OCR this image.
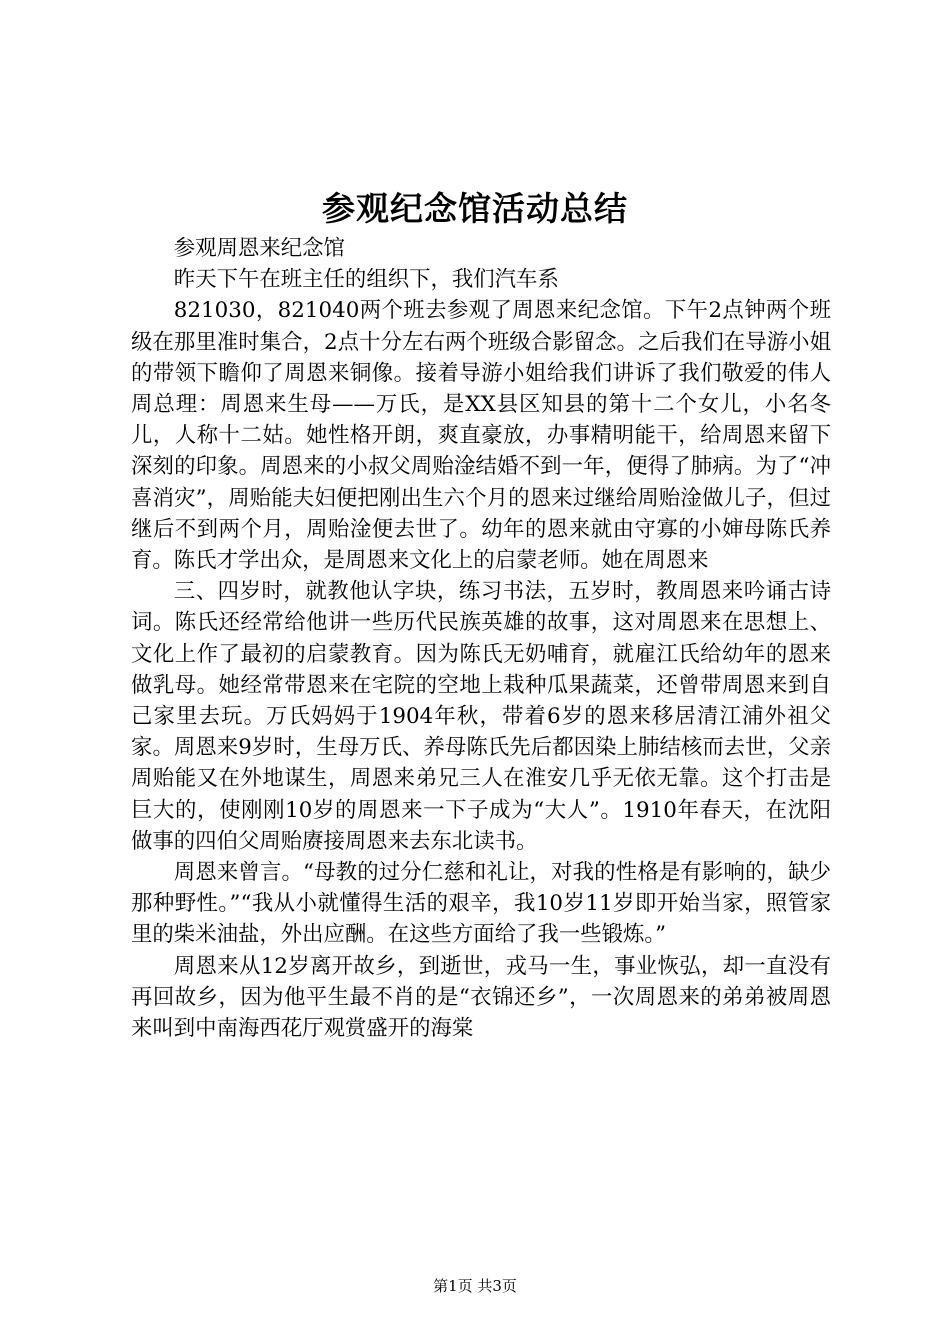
参观纪念馆活动总结

参观周恩来纪念馆

昨天下午在班主任的组织下，我们汽车系

821030，821040两个班去参观了周恩来纪念馆。下午2点钟两个班级在那里准时集合，2点十分左右两个班级合影留念。之后我们在导游小姐的带领下瞻仰了周恩来铜像。接着导游小姐给我们讲诉了我们敬爱的伟人周总理：周恩来生母——万氏，是XX县区知县的第十二个女儿，小名冬儿，人称十二姑。她性格开朗，爽直豪放，办事精明能干，给周恩来留下深刻的印象。周恩来的小叔父周贻淦结婚不到一年，便得了肺病。为了“冲喜消灾”，周贻能夫妇便把刚出生六个月的恩来过继给周贻淦做儿子，但过继后不到两个月，周贻淦便去世了。幼年的恩来就由守寡的小婶母陈氏养育。陈氏才学出众，是周恩来文化上的启蒙老师。她在周恩来

三、四岁时，就教他认字块，练习书法，五岁时，教周恩来吟诵古诗词。陈氏还经常给他讲一些历代民族英雄的故事，这对周恩来在思想上、文化上作了最初的启蒙教育。因为陈氏无奶哺育，就雇江氏给幼年的恩来做乳母。她经常带恩来在宅院的空地上栽种瓜果蔬菜，还曾带周恩来到自己家里去玩。万氏妈妈于1904年秋，带着6岁的恩来移居清江浦外祖父家。周恩来9岁时，生母万氏、养母陈氏先后都因染上肺结核而去世，父亲周贻能又在外地谋生，周恩来弟兄三人在淮安几乎无依无靠。这个打击是巨大的，使刚刚10岁的周恩来一下子成为“大人”。1910年春天，在沈阳做事的四伯父周贻赓接周恩来去东北读书。

周恩来曾言。“母教的过分仁慈和礼让，对我的性格是有影响的，缺少那种野性。”“我从小就懂得生活的艰辛，我10岁11岁即开始当家，照管家里的柴米油盐，外出应酬。在这些方面给了我一些锻炼。”

周恩来从12岁离开故乡，到逝世，戎马一生，事业恢弘，却一直没有再回故乡，因为他平生最不肖的是“衣锦还乡”，一次周恩来的弟弟被周恩来叫到中南海西花厅观赏盛开的海棠

第1页 共3页
